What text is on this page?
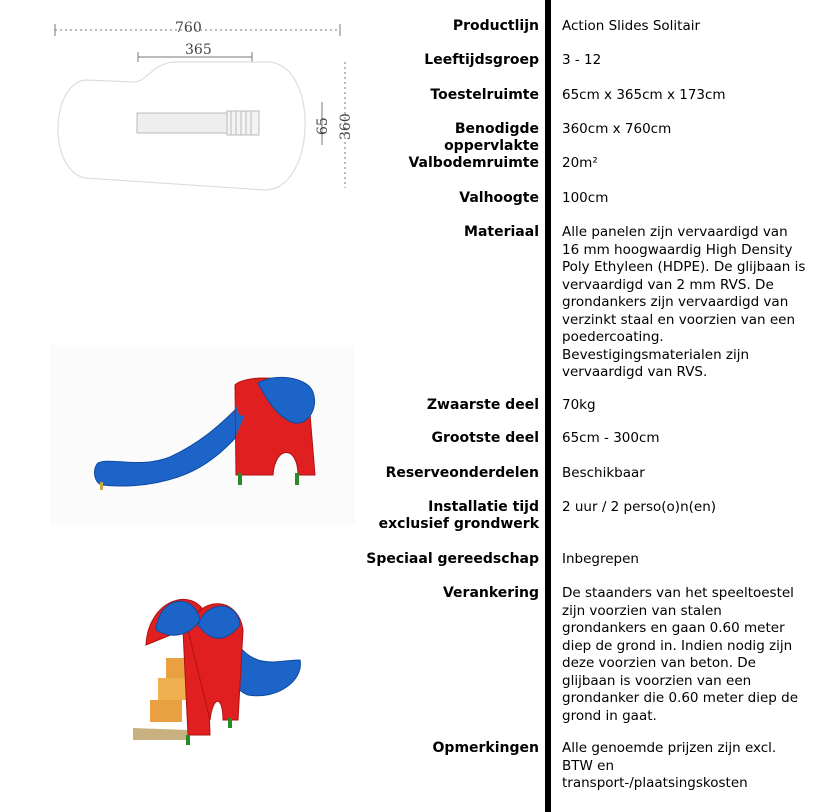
760
365
360
65
Productlijn Action Slides Solitair
Leeftijdsgroep 3 - 12
Toestelruimte 65cm x 365cm x 173cm
Benodigde oppervlakte
360cm x 760cm
Valbodemruimte 20m²
Valhoogte 100cm
Materiaal Alle panelen zijn vervaardigd van 16 mm hoogwaardig High Density Poly Ethyleen (HDPE). De glijbaan is vervaardigd van 2 mm RVS. De grondankers zijn vervaardigd van verzinkt staal en voorzien van een poedercoating. Bevestigingsmaterialen zijn vervaardigd van RVS.
Zwaarste deel 70kg
Grootste deel 65cm - 300cm
Reserveonderdelen Beschikbaar
Installatie tijd exclusief grondwerk
2 uur / 2 perso(o)n(en)
Speciaal gereedschap Inbegrepen
Verankering De staanders van het speeltoestel zijn voorzien van stalen grondankers en gaan 0.60 meter diep de grond in. Indien nodig zijn deze voorzien van beton. De glijbaan is voorzien van een grondanker die 0.60 meter diep de grond in gaat.
Opmerkingen Alle genoemde prijzen zijn excl. BTW en
transport-/plaatsingskosten
